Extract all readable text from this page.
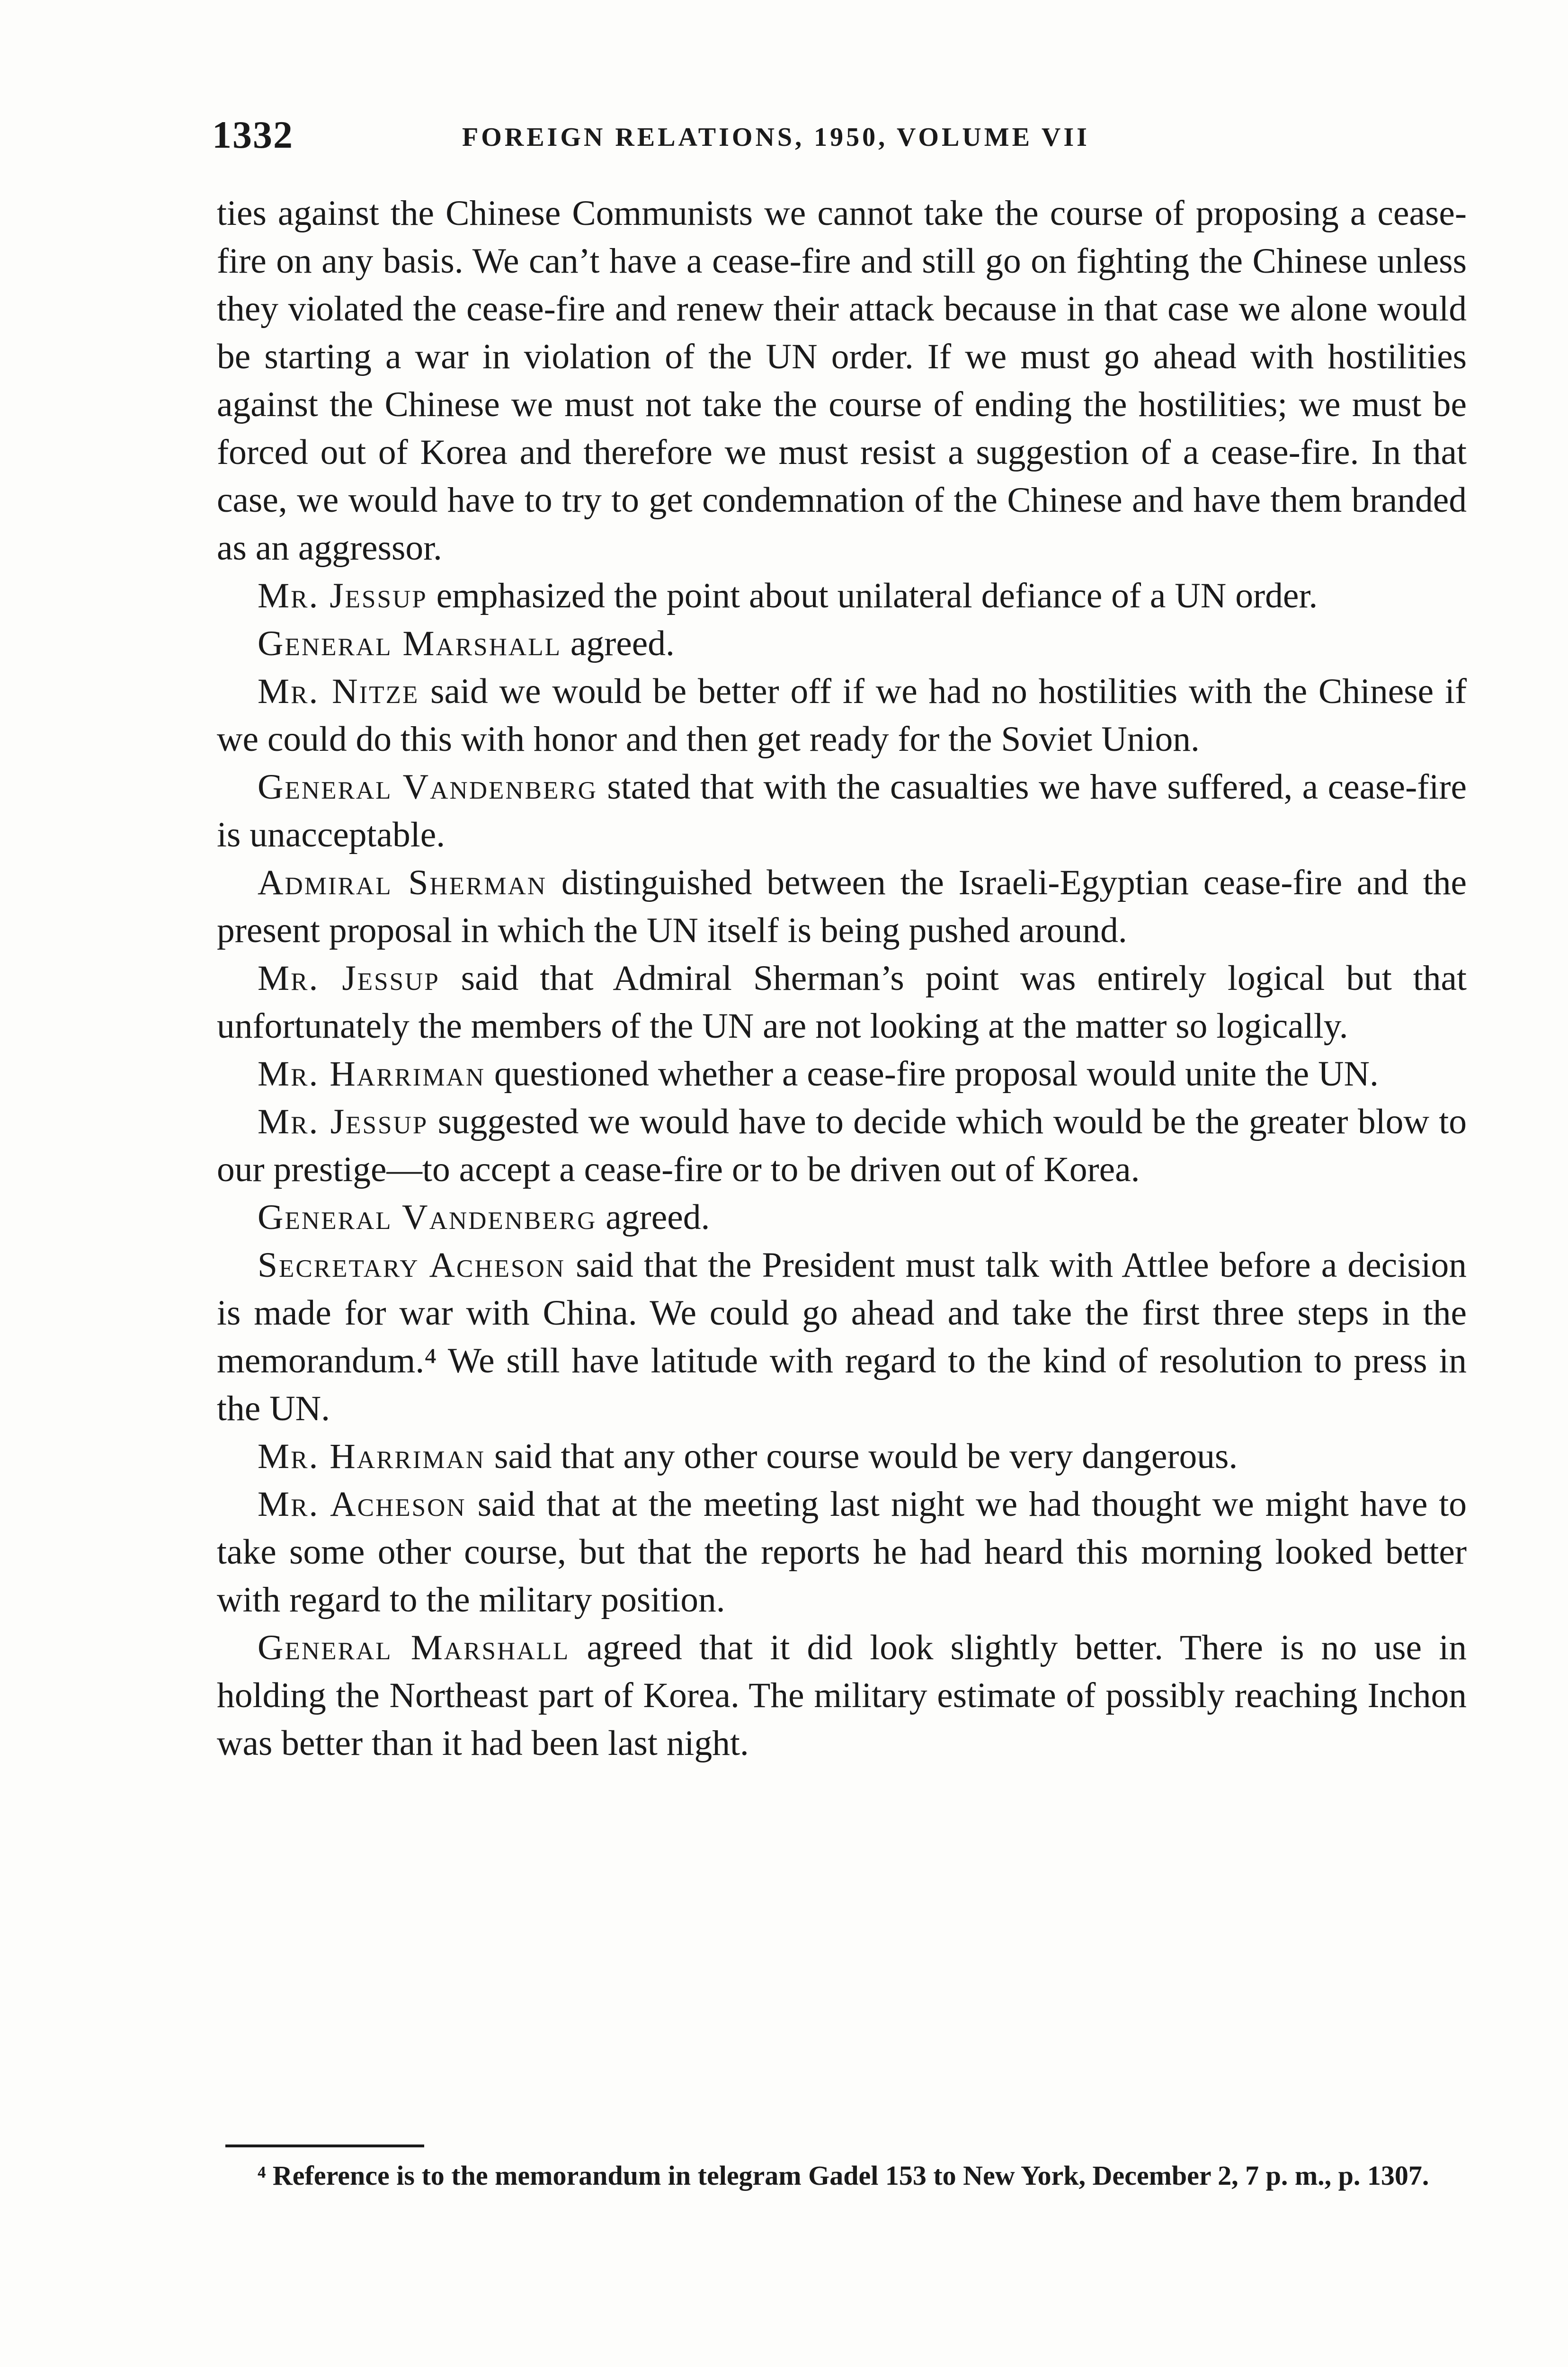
1332	FOREIGN RELATIONS, 1950, VOLUME VII

ties against the Chinese Communists we cannot take the course of proposing a cease-fire on any basis. We can’t have a cease-fire and still go on fighting the Chinese unless they violated the cease-fire and renew their attack because in that case we alone would be starting a war in violation of the UN order. If we must go ahead with hostilities against the Chinese we must not take the course of ending the hostilities; we must be forced out of Korea and therefore we must resist a suggestion of a cease-fire. In that case, we would have to try to get condemnation of the Chinese and have them branded as an aggressor.

Mr. Jessup emphasized the point about unilateral defiance of a UN order.

General Marshall agreed.

Mr. Nitze said we would be better off if we had no hostilities with the Chinese if we could do this with honor and then get ready for the Soviet Union.

General Vandenberg stated that with the casualties we have suffered, a cease-fire is unacceptable.

Admiral Sherman distinguished between the Israeli-Egyptian cease-fire and the present proposal in which the UN itself is being pushed around.

Mr. Jessup said that Admiral Sherman’s point was entirely logical but that unfortunately the members of the UN are not looking at the matter so logically.

Mr. Harriman questioned whether a cease-fire proposal would unite the UN.

Mr. Jessup suggested we would have to decide which would be the greater blow to our prestige—to accept a cease-fire or to be driven out of Korea.

General Vandenberg agreed.

Secretary Acheson said that the President must talk with Attlee before a decision is made for war with China. We could go ahead and take the first three steps in the memorandum.⁴ We still have latitude with regard to the kind of resolution to press in the UN.

Mr. Harriman said that any other course would be very dangerous.

Mr. Acheson said that at the meeting last night we had thought we might have to take some other course, but that the reports he had heard this morning looked better with regard to the military position.

General Marshall agreed that it did look slightly better. There is no use in holding the Northeast part of Korea. The military estimate of possibly reaching Inchon was better than it had been last night.

⁴ Reference is to the memorandum in telegram Gadel 153 to New York, December 2, 7 p. m., p. 1307.
